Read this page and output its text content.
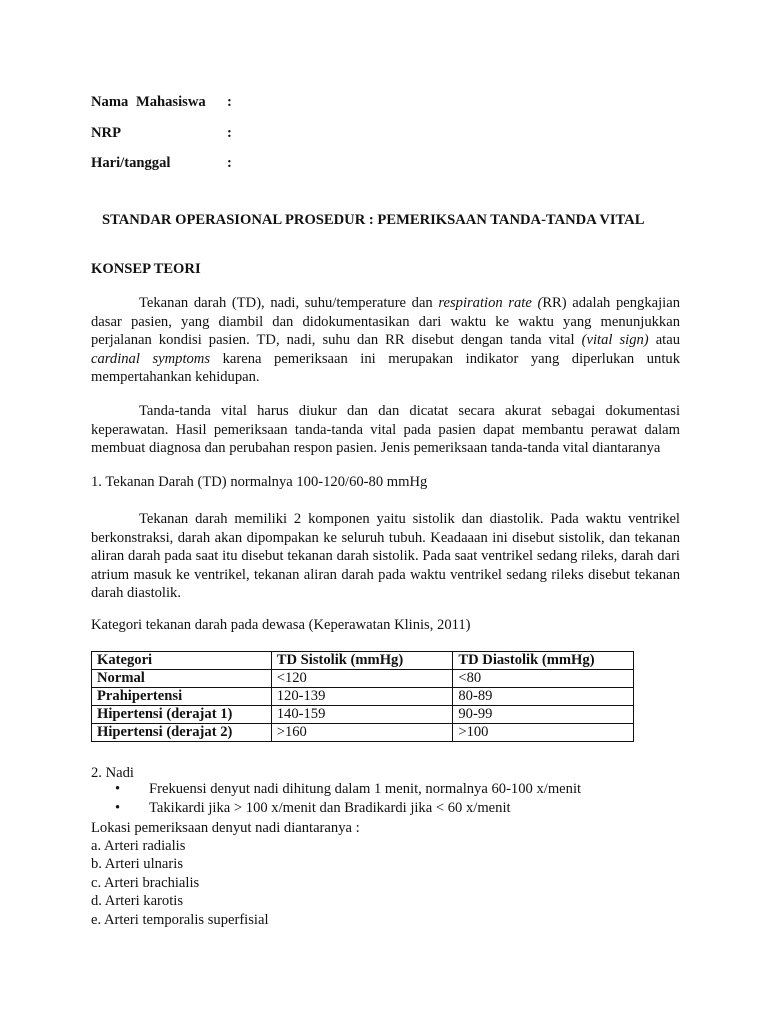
Nama Mahasiswa :
NRP	:
Hari/tanggal	:
STANDAR OPERASIONAL PROSEDUR : PEMERIKSAAN TANDA-TANDA VITAL
KONSEP TEORI
Tekanan darah (TD), nadi, suhu/temperature dan respiration rate (RR) adalah pengkajian dasar pasien, yang diambil dan didokumentasikan dari waktu ke waktu yang menunjukkan perjalanan kondisi pasien. TD, nadi, suhu dan RR disebut dengan tanda vital (vital sign) atau cardinal symptoms karena pemeriksaan ini merupakan indikator yang diperlukan untuk mempertahankan kehidupan.
Tanda-tanda vital harus diukur dan dan dicatat secara akurat sebagai dokumentasi keperawatan. Hasil pemeriksaan tanda-tanda vital pada pasien dapat membantu perawat dalam membuat diagnosa dan perubahan respon pasien. Jenis pemeriksaan tanda-tanda vital diantaranya
1. Tekanan Darah (TD) normalnya 100-120/60-80 mmHg
Tekanan darah memiliki 2 komponen yaitu sistolik dan diastolik. Pada waktu ventrikel berkonstraksi, darah akan dipompakan ke seluruh tubuh. Keadaaan ini disebut sistolik, dan tekanan aliran darah pada saat itu disebut tekanan darah sistolik. Pada saat ventrikel sedang rileks, darah dari atrium masuk ke ventrikel, tekanan aliran darah pada waktu ventrikel sedang rileks disebut tekanan darah diastolik.
Kategori tekanan darah pada dewasa (Keperawatan Klinis, 2011)
Kategori	TD Sistolik (mmHg)	TD Diastolik (mmHg)
Normal	<120	<80
Prahipertensi	120-139	80-89
Hipertensi (derajat 1)	140-159	90-99
Hipertensi (derajat 2)	>160	>100
2. Nadi
• Frekuensi denyut nadi dihitung dalam 1 menit, normalnya 60-100 x/menit
• Takikardi jika > 100 x/menit dan Bradikardi jika < 60 x/menit
Lokasi pemeriksaan denyut nadi diantaranya :
a. Arteri radialis
b. Arteri ulnaris
c. Arteri brachialis
d. Arteri karotis
e. Arteri temporalis superfisial
